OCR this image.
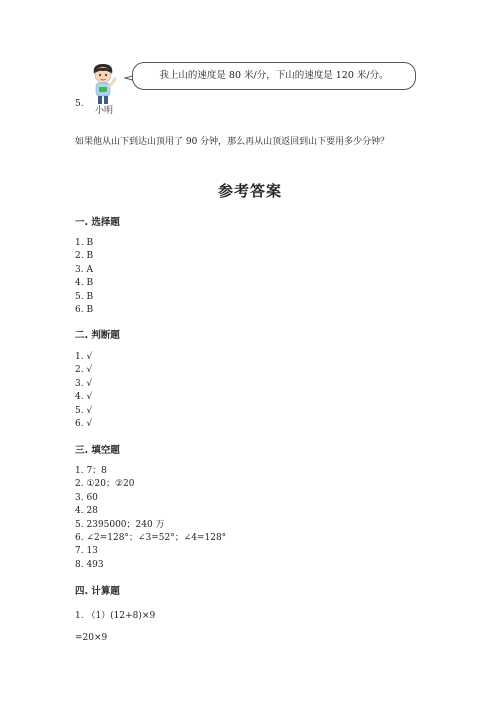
5.
小明
我上山的速度是 80 米/分，下山的速度是 120 米/分。
如果他从山下到达山顶用了 90 分钟，那么再从山顶返回到山下要用多少分钟？
参考答案
一. 选择题
1. B
2. B
3. A
4. B
5. B
6. B
二. 判断题
1. √
2. √
3. √
4. √
5. √
6. √
三. 填空题
1. 7；8
2. ①20；②20
3. 60
4. 28
5. 2395000；240 万
6. ∠2=128°；∠3=52°；∠4=128°
7. 13
8. 493
四. 计算题
1. （1）(12+8)×9
=20×9
